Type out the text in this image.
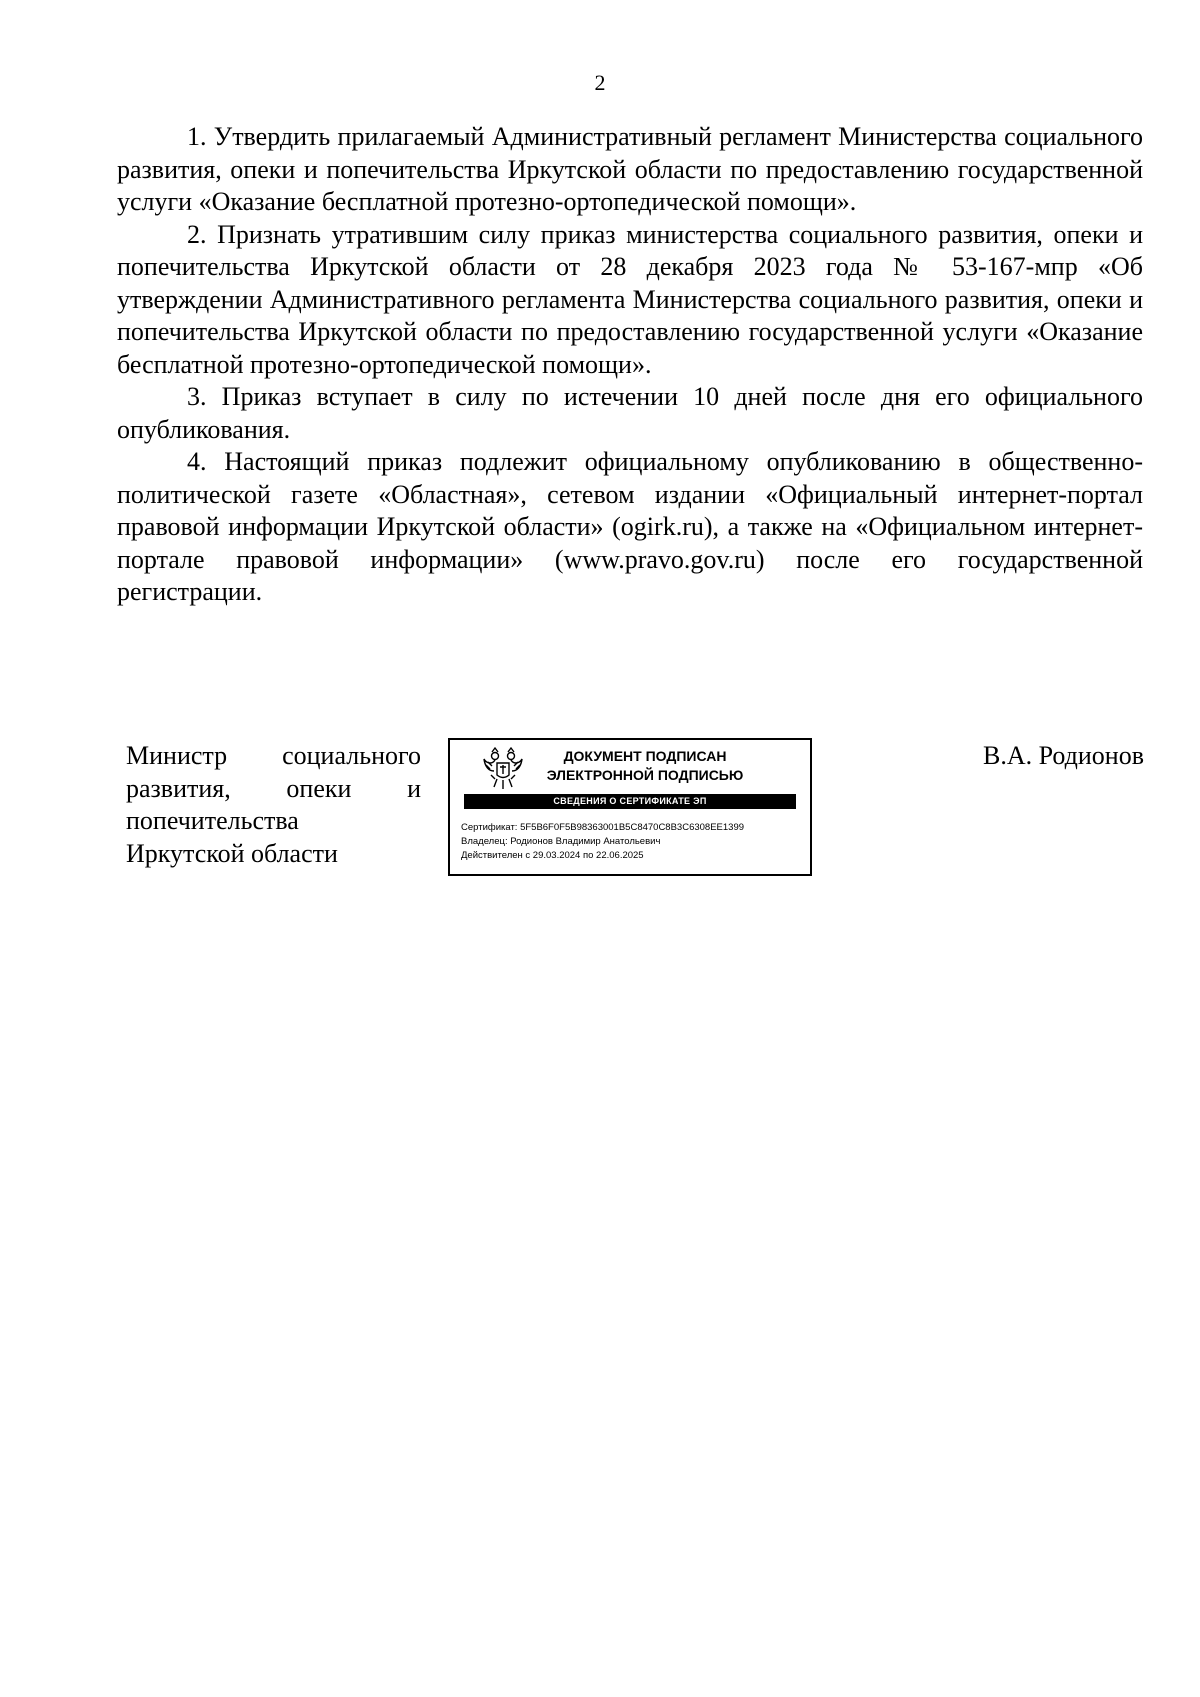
2

1. Утвердить прилагаемый Административный регламент Министерства социального развития, опеки и попечительства Иркутской области по предоставлению государственной услуги «Оказание бесплатной протезно-ортопедической помощи».

2. Признать утратившим силу приказ министерства социального развития, опеки и попечительства Иркутской области от 28 декабря 2023 года № 53-167-мпр «Об утверждении Административного регламента Министерства социального развития, опеки и попечительства Иркутской области по предоставлению государственной услуги «Оказание бесплатной протезно-ортопедической помощи».

3. Приказ вступает в силу по истечении 10 дней после дня его официального опубликования.

4. Настоящий приказ подлежит официальному опубликованию в общественно-политической газете «Областная», сетевом издании «Официальный интернет-портал правовой информации Иркутской области» (ogirk.ru), а также на «Официальном интернет-портале правовой информации» (www.pravo.gov.ru) после его государственной регистрации.

Министр социального
развития, опеки и
попечительства
Иркутской области
ДОКУМЕНТ ПОДПИСАН
ЭЛЕКТРОННОЙ ПОДПИСЬЮ
СВЕДЕНИЯ О СЕРТИФИКАТЕ ЭП
Сертификат: 5F5B6F0F5B98363001B5C8470C8B3C6308EE1399
Владелец: Родионов Владимир Анатольевич
Действителен с 29.03.2024 по 22.06.2025
В.А. Родионов
